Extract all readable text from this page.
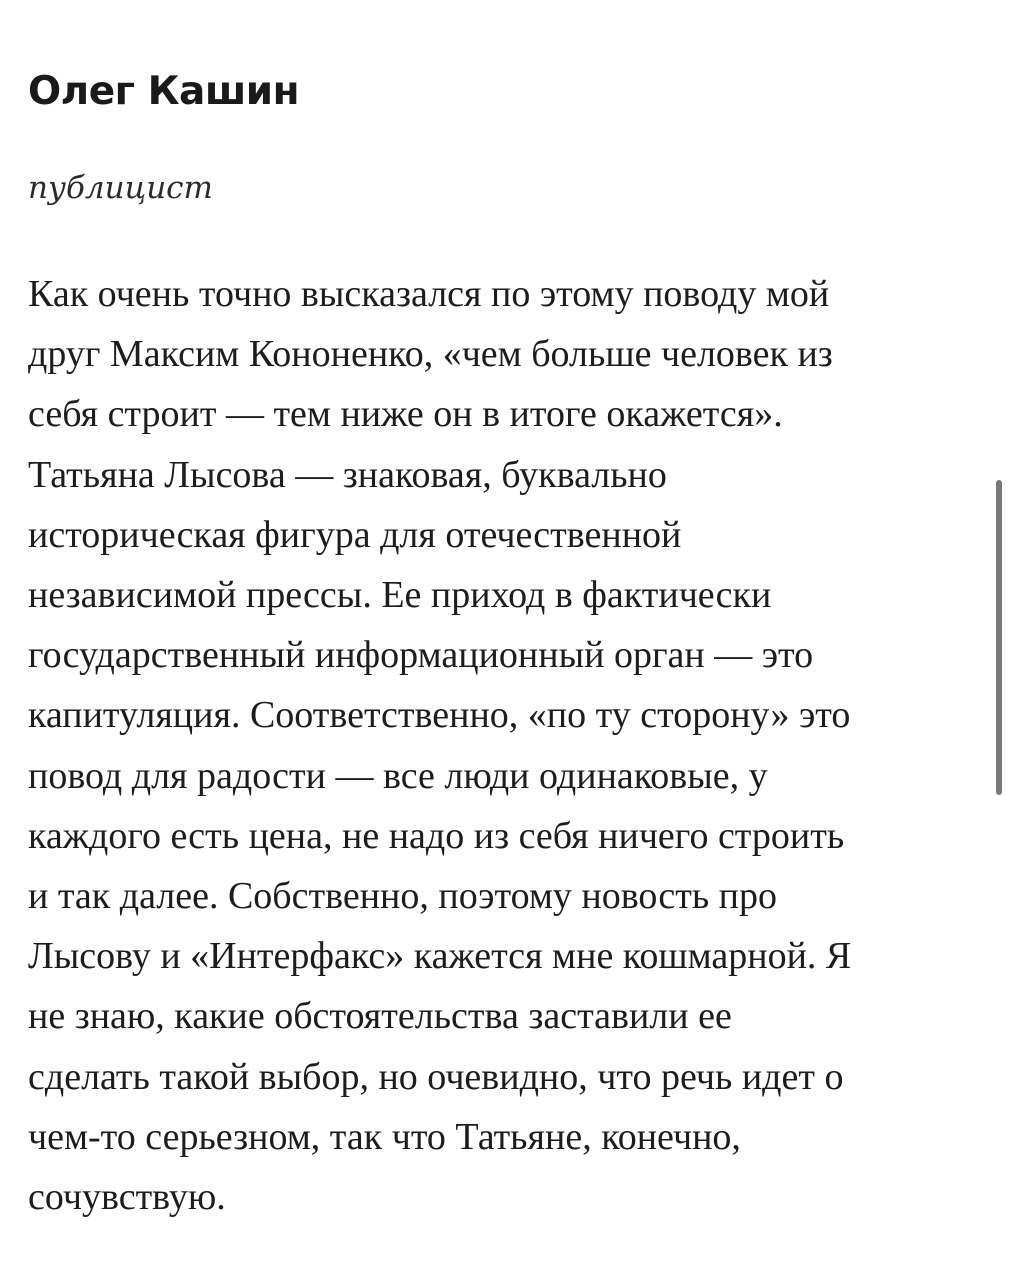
Олег Кашин

публицист

Как очень точно высказался по этому поводу мой
друг Максим Кононенко, «чем больше человек из
себя строит — тем ниже он в итоге окажется».
Татьяна Лысова — знаковая, буквально
историческая фигура для отечественной
независимой прессы. Ее приход в фактически
государственный информационный орган — это
капитуляция. Соответственно, «по ту сторону» это
повод для радости — все люди одинаковые, у
каждого есть цена, не надо из себя ничего строить
и так далее. Собственно, поэтому новость про
Лысову и «Интерфакс» кажется мне кошмарной. Я
не знаю, какие обстоятельства заставили ее
сделать такой выбор, но очевидно, что речь идет о
чем-то серьезном, так что Татьяне, конечно,
сочувствую.
